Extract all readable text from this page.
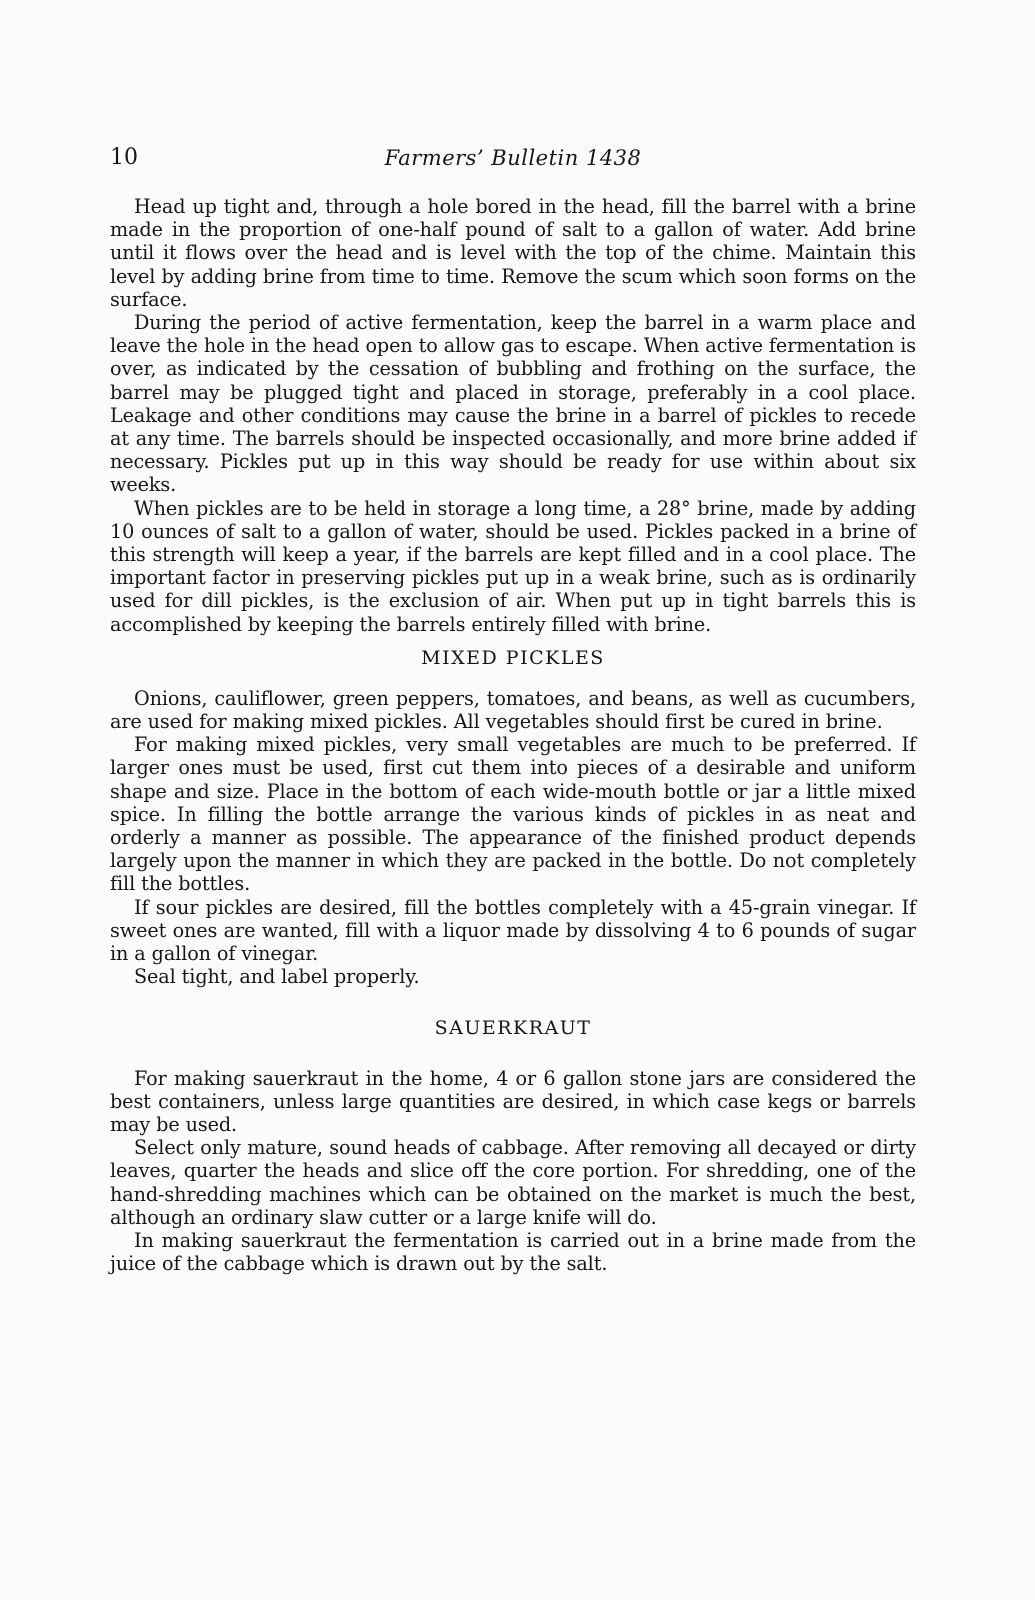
10	Farmers’ Bulletin 1438

Head up tight and, through a hole bored in the head, fill the barrel with a brine made in the proportion of one-half pound of salt to a gallon of water. Add brine until it flows over the head and is level with the top of the chime. Maintain this level by adding brine from time to time. Remove the scum which soon forms on the surface.

During the period of active fermentation, keep the barrel in a warm place and leave the hole in the head open to allow gas to escape. When active fermentation is over, as indicated by the cessation of bubbling and frothing on the surface, the barrel may be plugged tight and placed in storage, preferably in a cool place. Leakage and other conditions may cause the brine in a barrel of pickles to recede at any time. The barrels should be inspected occasionally, and more brine added if necessary. Pickles put up in this way should be ready for use within about six weeks.

When pickles are to be held in storage a long time, a 28° brine, made by adding 10 ounces of salt to a gallon of water, should be used. Pickles packed in a brine of this strength will keep a year, if the barrels are kept filled and in a cool place. The important factor in preserving pickles put up in a weak brine, such as is ordinarily used for dill pickles, is the exclusion of air. When put up in tight barrels this is accomplished by keeping the barrels entirely filled with brine.

MIXED PICKLES

Onions, cauliflower, green peppers, tomatoes, and beans, as well as cucumbers, are used for making mixed pickles. All vegetables should first be cured in brine.

For making mixed pickles, very small vegetables are much to be preferred. If larger ones must be used, first cut them into pieces of a desirable and uniform shape and size. Place in the bottom of each wide-mouth bottle or jar a little mixed spice. In filling the bottle arrange the various kinds of pickles in as neat and orderly a manner as possible. The appearance of the finished product depends largely upon the manner in which they are packed in the bottle. Do not completely fill the bottles.

If sour pickles are desired, fill the bottles completely with a 45-grain vinegar. If sweet ones are wanted, fill with a liquor made by dissolving 4 to 6 pounds of sugar in a gallon of vinegar.

Seal tight, and label properly.

SAUERKRAUT

For making sauerkraut in the home, 4 or 6 gallon stone jars are considered the best containers, unless large quantities are desired, in which case kegs or barrels may be used.

Select only mature, sound heads of cabbage. After removing all decayed or dirty leaves, quarter the heads and slice off the core portion. For shredding, one of the hand-shredding machines which can be obtained on the market is much the best, although an ordinary slaw cutter or a large knife will do.

In making sauerkraut the fermentation is carried out in a brine made from the juice of the cabbage which is drawn out by the salt.
